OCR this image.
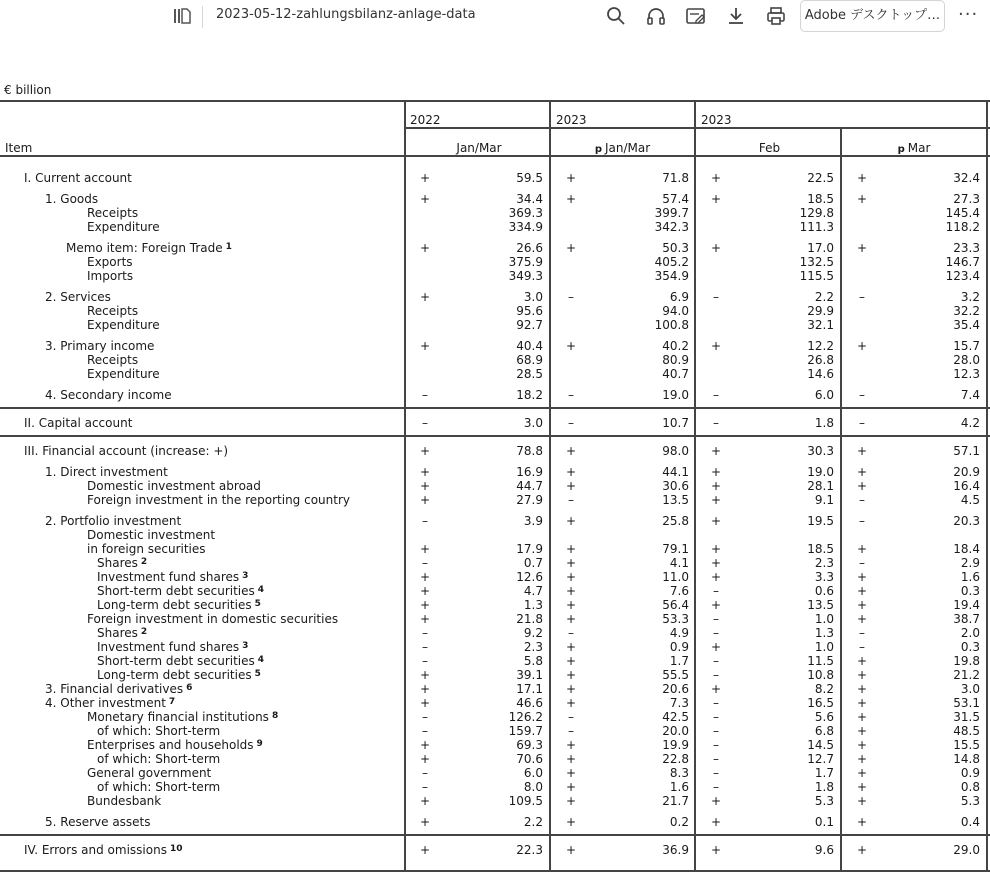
2023-05-12-zahlungsbilanz-anlage-data	Adobe デスクトップ… ···
€ billion
2022	2023	2023
Item	Jan/Mar	p Jan/Mar	Feb	p Mar
I. Current account	+	59.5 +	71.8 +	22.5 +	32.4
1. Goods	+	34.4 +	57.4 +	18.5 +	27.3
Receipts	369.3	399.7	129.8	145.4
Expenditure	334.9	342.3	111.3	118.2
Memo item: Foreign Trade $^1$	+	26.6 +	50.3 +	17.0 +	23.3
Exports	375.9	405.2	132.5	146.7
Imports	349.3	354.9	115.5	123.4
2. Services	+	3.0	–	6.9	–	2.2	–	3.2
Receipts	95.6	94.0	29.9	32.2
Expenditure	92.7	100.8	32.1	35.4
3. Primary income	+	40.4 +	40.2 +	12.2 +	15.7
Receipts	68.9	80.9	26.8	28.0
Expenditure	28.5	40.7	14.6	12.3
4. Secondary income	–	18.2	–	19.0	–	6.0	–	7.4
II. Capital account	–	3.0	–	10.7	–	1.8	–	4.2
III. Financial account (increase: +)	+	78.8 +	98.0 +	30.3 +	57.1
1. Direct investment	+	16.9 +	44.1 +	19.0 +	20.9
Domestic investment abroad	+	44.7 +	30.6 +	28.1 +	16.4
Foreign investment in the reporting country	+	27.9	–	13.5 +	9.1	–	4.5
2. Portfolio investment	–	3.9 +	25.8 +	19.5	–	20.3
Domestic investment
in foreign securities	+	17.9 +	79.1 +	18.5 +	18.4
Shares $^2$	–	0.7 +	4.1 +	2.3	–	2.9
Investment fund shares $^3$	+	12.6 +	11.0 +	3.3 +	1.6
Short-term debt securities $^4$	+	4.7 +	7.6	–	0.6 +	0.3
Long-term debt securities $^5$	+	1.3 +	56.4 +	13.5 +	19.4
Foreign investment in domestic securities	+	21.8 +	53.3	–	1.0 +	38.7
Shares $^2$	–	9.2	–	4.9	–	1.3	–	2.0
Investment fund shares $^3$	–	2.3 +	0.9 +	1.0	–	0.3
Short-term debt securities $^4$	–	5.8 +	1.7	–	11.5 +	19.8
Long-term debt securities $^5$	+	39.1 +	55.5	–	10.8 +	21.2
3. Financial derivatives $^6$	+	17.1 +	20.6 +	8.2 +	3.0
4. Other investment $^7$	+	46.6 +	7.3	–	16.5 +	53.1
Monetary financial institutions $^8$	–	126.2	–	42.5	–	5.6 +	31.5
of which: Short-term	–	159.7	–	20.0	–	6.8 +	48.5
Enterprises and households $^9$	+	69.3 +	19.9	–	14.5 +	15.5
of which: Short-term	+	70.6 +	22.8	–	12.7 +	14.8
General government	–	6.0 +	8.3	–	1.7 +	0.9
of which: Short-term	–	8.0 +	1.6	–	1.8 +	0.8
Bundesbank	+	109.5 +	21.7 +	5.3 +	5.3
5. Reserve assets	+	2.2 +	0.2 +	0.1 +	0.4
IV. Errors and omissions $^{10}$	+	22.3 +	36.9 +	9.6 +	29.0
